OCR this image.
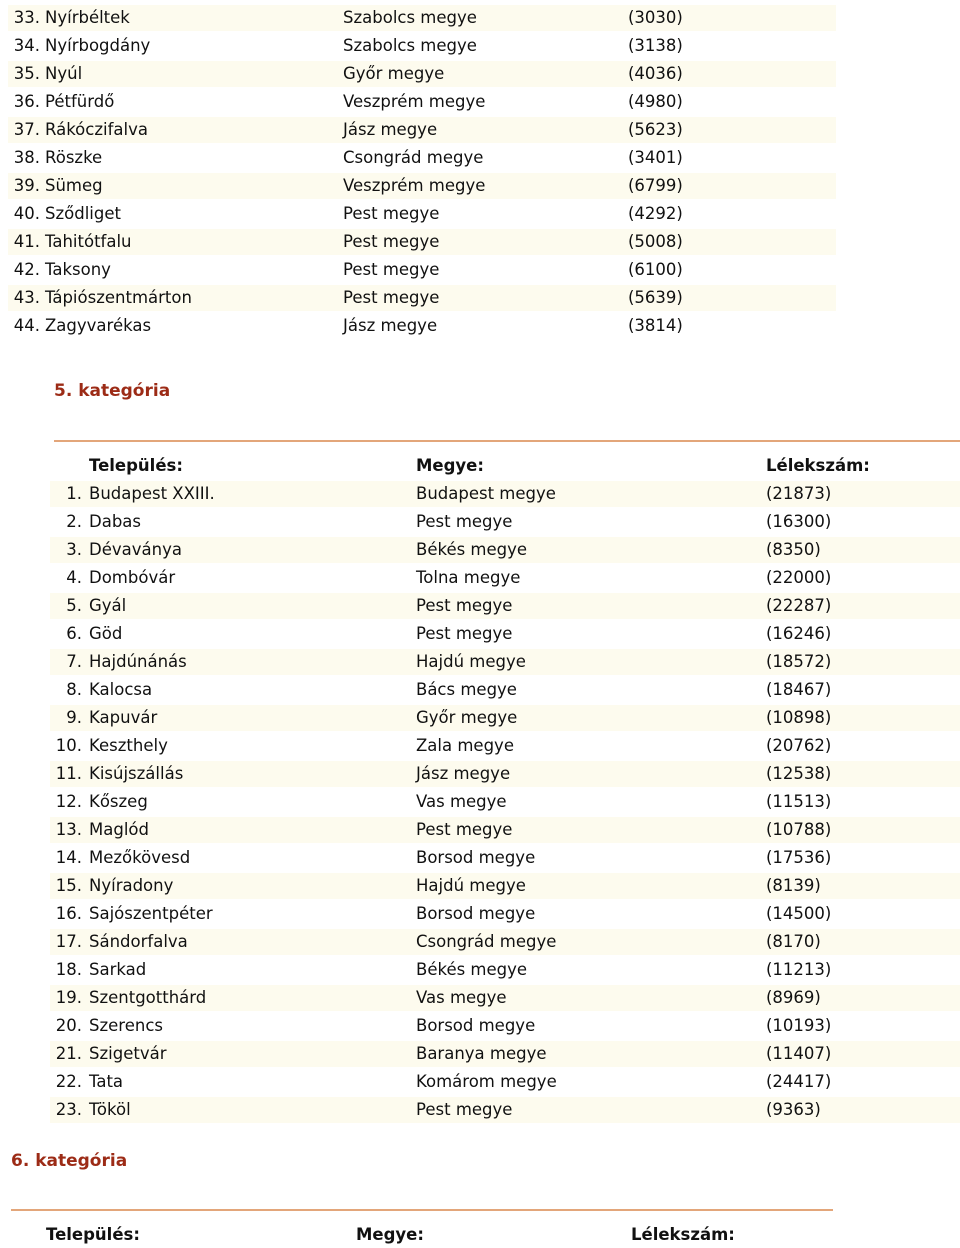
33. Nyírbéltek	Szabolcs megye	(3030)
34. Nyírbogdány	Szabolcs megye	(3138)
35. Nyúl	Győr megye	(4036)
36. Pétfürdő	Veszprém megye	(4980)
37. Rákóczifalva	Jász megye	(5623)
38. Röszke	Csongrád megye	(3401)
39. Sümeg	Veszprém megye	(6799)
40. Sződliget	Pest megye	(4292)
41. Tahitótfalu	Pest megye	(5008)
42. Taksony	Pest megye	(6100)
43. Tápiószentmárton	Pest megye	(5639)
44. Zagyvarékas	Jász megye	(3814)
5. kategória
Település:	Megye:	Lélekszám:
1. Budapest XXIII.	Budapest megye	(21873)
2. Dabas	Pest megye	(16300)
3. Dévaványa	Békés megye	(8350)
4. Dombóvár	Tolna megye	(22000)
5. Gyál	Pest megye	(22287)
6. Göd	Pest megye	(16246)
7. Hajdúnánás	Hajdú megye	(18572)
8. Kalocsa	Bács megye	(18467)
9. Kapuvár	Győr megye	(10898)
10. Keszthely	Zala megye	(20762)
11. Kisújszállás	Jász megye	(12538)
12. Kőszeg	Vas megye	(11513)
13. Maglód	Pest megye	(10788)
14. Mezőkövesd	Borsod megye	(17536)
15. Nyíradony	Hajdú megye	(8139)
16. Sajószentpéter	Borsod megye	(14500)
17. Sándorfalva	Csongrád megye	(8170)
18. Sarkad	Békés megye	(11213)
19. Szentgotthárd	Vas megye	(8969)
20. Szerencs	Borsod megye	(10193)
21. Szigetvár	Baranya megye	(11407)
22. Tata	Komárom megye	(24417)
23. Tököl	Pest megye	(9363)
6. kategória
Település:	Megye:	Lélekszám:
